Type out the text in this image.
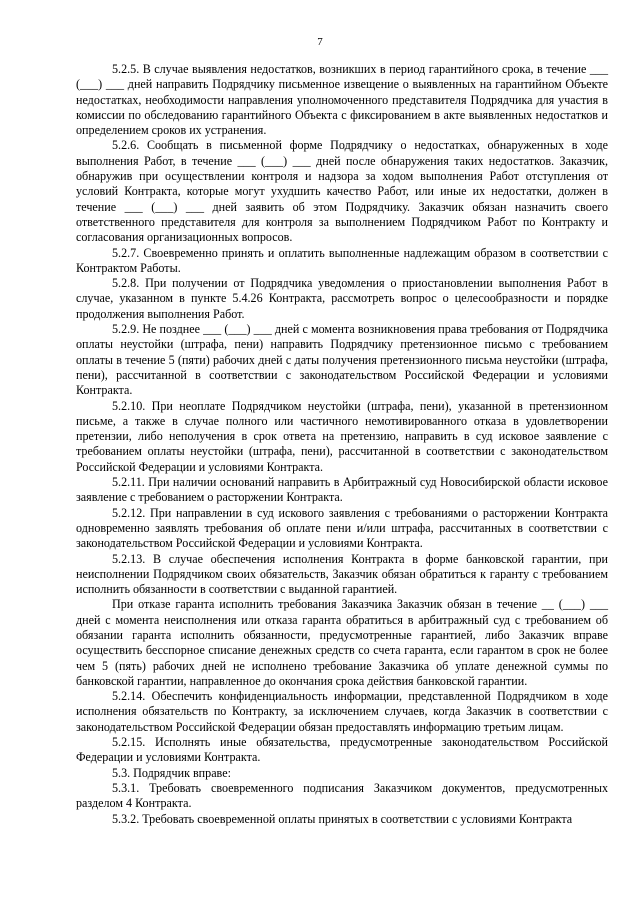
7

5.2.5. В случае выявления недостатков, возникших в период гарантийного срока, в течение ___ (___) ___ дней направить Подрядчику письменное извещение о выявленных на гарантийном Объекте недостатках, необходимости направления уполномоченного представителя Подрядчика для участия в комиссии по обследованию гарантийного Объекта с фиксированием в акте выявленных недостатков и определением сроков их устранения.

5.2.6. Сообщать в письменной форме Подрядчику о недостатках, обнаруженных в ходе выполнения Работ, в течение ___ (___) ___ дней после обнаружения таких недостатков. Заказчик, обнаружив при осуществлении контроля и надзора за ходом выполнения Работ отступления от условий Контракта, которые могут ухудшить качество Работ, или иные их недостатки, должен в течение ___ (___) ___ дней заявить об этом Подрядчику. Заказчик обязан назначить своего ответственного представителя для контроля за выполнением Подрядчиком Работ по Контракту и согласования организационных вопросов.

5.2.7. Своевременно принять и оплатить выполненные надлежащим образом в соответствии с Контрактом Работы.

5.2.8. При получении от Подрядчика уведомления о приостановлении выполнения Работ в случае, указанном в пункте 5.4.26 Контракта, рассмотреть вопрос о целесообразности и порядке продолжения выполнения Работ.

5.2.9. Не позднее ___ (___) ___ дней с момента возникновения права требования от Подрядчика оплаты неустойки (штрафа, пени) направить Подрядчику претензионное письмо с требованием оплаты в течение 5 (пяти) рабочих дней с даты получения претензионного письма неустойки (штрафа, пени), рассчитанной в соответствии с законодательством Российской Федерации и условиями Контракта.

5.2.10. При неоплате Подрядчиком неустойки (штрафа, пени), указанной в претензионном письме, а также в случае полного или частичного немотивированного отказа в удовлетворении претензии, либо неполучения в срок ответа на претензию, направить в суд исковое заявление с требованием оплаты неустойки (штрафа, пени), рассчитанной в соответствии с законодательством Российской Федерации и условиями Контракта.

5.2.11. При наличии оснований направить в Арбитражный суд Новосибирской области исковое заявление с требованием о расторжении Контракта.

5.2.12. При направлении в суд искового заявления с требованиями о расторжении Контракта одновременно заявлять требования об оплате пени и/или штрафа, рассчитанных в соответствии с законодательством Российской Федерации и условиями Контракта.

5.2.13. В случае обеспечения исполнения Контракта в форме банковской гарантии, при неисполнении Подрядчиком своих обязательств, Заказчик обязан обратиться к гаранту с требованием исполнить обязанности в соответствии с выданной гарантией.

При отказе гаранта исполнить требования Заказчика Заказчик обязан в течение __ (___) ___ дней с момента неисполнения или отказа гаранта обратиться в арбитражный суд с требованием об обязании гаранта исполнить обязанности, предусмотренные гарантией, либо Заказчик вправе осуществить бесспорное списание денежных средств со счета гаранта, если гарантом в срок не более чем 5 (пять) рабочих дней не исполнено требование Заказчика об уплате денежной суммы по банковской гарантии, направленное до окончания срока действия банковской гарантии.

5.2.14. Обеспечить конфиденциальность информации, представленной Подрядчиком в ходе исполнения обязательств по Контракту, за исключением случаев, когда Заказчик в соответствии с законодательством Российской Федерации обязан предоставлять информацию третьим лицам.

5.2.15. Исполнять иные обязательства, предусмотренные законодательством Российской Федерации и условиями Контракта.

5.3. Подрядчик вправе:

5.3.1. Требовать своевременного подписания Заказчиком документов, предусмотренных разделом 4 Контракта.

5.3.2. Требовать своевременной оплаты принятых в соответствии с условиями Контракта
